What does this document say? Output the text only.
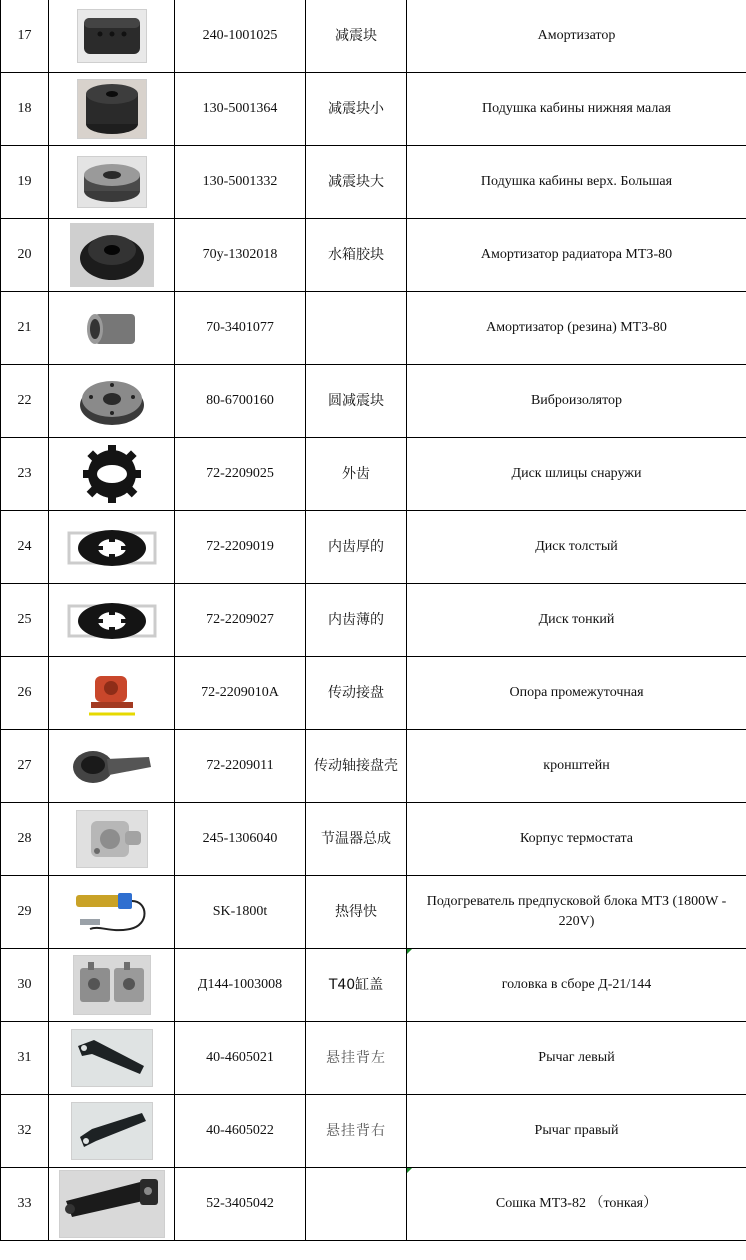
17		240-1001025	减震块	Амортизатор
18		130-5001364	减震块小	Подушка кабины нижняя малая
19		130-5001332	减震块大	Подушка кабины верх. Большая
20		70у-1302018	水箱胶块	Амортизатор радиатора МТЗ-80
21		70-3401077		Амортизатор (резина) МТЗ-80
22		80-6700160	圆减震块	Виброизолятор
23		72-2209025	外齿	Диск шлицы снаружи
24		72-2209019	内齿厚的	Диск толстый
25		72-2209027	内齿薄的	Диск тонкий
26		72-2209010A	传动接盘	Опора промежуточная
27		72-2209011	传动轴接盘壳	кронштейн
28		245-1306040	节温器总成	Корпус термостата
29		SK-1800t	热得快	Подогреватель предпусковой блока МТЗ (1800W - 220V)
30		Д144-1003008	T40缸盖	головка в сборе Д-21/144
31		40-4605021	悬挂背左	Рычаг левый
32		40-4605022	悬挂背右	Рычаг правый
33		52-3405042		Сошка МТЗ-82 （тонкая）
